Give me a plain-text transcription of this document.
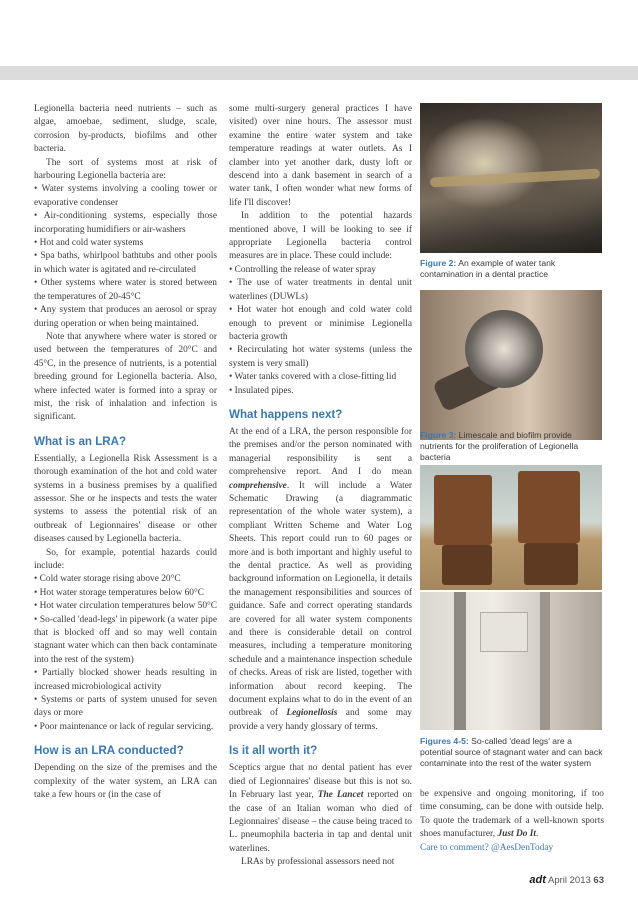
Legionella bacteria need nutrients – such as algae, amoebae, sediment, sludge, scale, corrosion by-products, biofilms and other bacteria.

The sort of systems most at risk of harbouring Legionella bacteria are:

• Water systems involving a cooling tower or evaporative condenser

• Air-conditioning systems, especially those incorporating humidifiers or air-washers

• Hot and cold water systems

• Spa baths, whirlpool bathtubs and other pools in which water is agitated and re-circulated

• Other systems where water is stored between the temperatures of 20-45°C

• Any system that produces an aerosol or spray during operation or when being maintained.

Note that anywhere where water is stored or used between the temperatures of 20°C and 45°C, in the presence of nutrients, is a potential breeding ground for Legionella bacteria. Also, where infected water is formed into a spray or mist, the risk of inhalation and infection is significant.

What is an LRA?

Essentially, a Legionella Risk Assessment is a thorough examination of the hot and cold water systems in a business premises by a qualified assessor. She or he inspects and tests the water systems to assess the potential risk of an outbreak of Legionnaires' disease or other diseases caused by Legionella bacteria.

So, for example, potential hazards could include:

• Cold water storage rising above 20°C

• Hot water storage temperatures below 60°C

• Hot water circulation temperatures below 50°C

• So-called 'dead-legs' in pipework (a water pipe that is blocked off and so may well contain stagnant water which can then back contaminate into the rest of the system)

• Partially blocked shower heads resulting in increased microbiological activity

• Systems or parts of system unused for seven days or more

• Poor maintenance or lack of regular servicing.

How is an LRA conducted?

Depending on the size of the premises and the complexity of the water system, an LRA can take a few hours or (in the case of

some multi-surgery general practices I have visited) over nine hours. The assessor must examine the entire water system and take temperature readings at water outlets. As I clamber into yet another dark, dusty loft or descend into a dank basement in search of a water tank, I often wonder what new forms of life I'll discover!

In addition to the potential hazards mentioned above, I will be looking to see if appropriate Legionella bacteria control measures are in place. These could include:

• Controlling the release of water spray

• The use of water treatments in dental unit waterlines (DUWLs)

• Hot water hot enough and cold water cold enough to prevent or minimise Legionella bacteria growth

• Recirculating hot water systems (unless the system is very small)

• Water tanks covered with a close-fitting lid

• Insulated pipes.

What happens next?

At the end of a LRA, the person responsible for the premises and/or the person nominated with managerial responsibility is sent a comprehensive report. And I do mean comprehensive. It will include a Water Schematic Drawing (a diagrammatic representation of the whole water system), a compliant Written Scheme and Water Log Sheets. This report could run to 60 pages or more and is both important and highly useful to the dental practice. As well as providing background information on Legionella, it details the management responsibilities and sources of guidance. Safe and correct operating standards are covered for all water system components and there is considerable detail on control measures, including a temperature monitoring schedule and a maintenance inspection schedule of checks. Areas of risk are listed, together with information about record keeping. The document explains what to do in the event of an outbreak of Legionellosis and some may provide a very handy glossary of terms.

Is it all worth it?

Sceptics argue that no dental patient has ever died of Legionnaires' disease but this is not so. In February last year, The Lancet reported on the case of an Italian woman who died of Legionnaires' disease – the cause being traced to L. pneumophila bacteria in tap and dental unit waterlines.

LRAs by professional assessors need not

Figure 2: An example of water tank contamination in a dental practice
Figure 3: Limescale and biofilm provide nutrients for the proliferation of Legionella bacteria
Figures 4-5: So-called 'dead legs' are a potential source of stagnant water and can back contaminate into the rest of the water system

be expensive and ongoing monitoring, if too time consuming, can be done with outside help. To quote the trademark of a well-known sports shoes manufacturer, Just Do It.

Care to comment? @AesDenToday

adt April 2013 63
